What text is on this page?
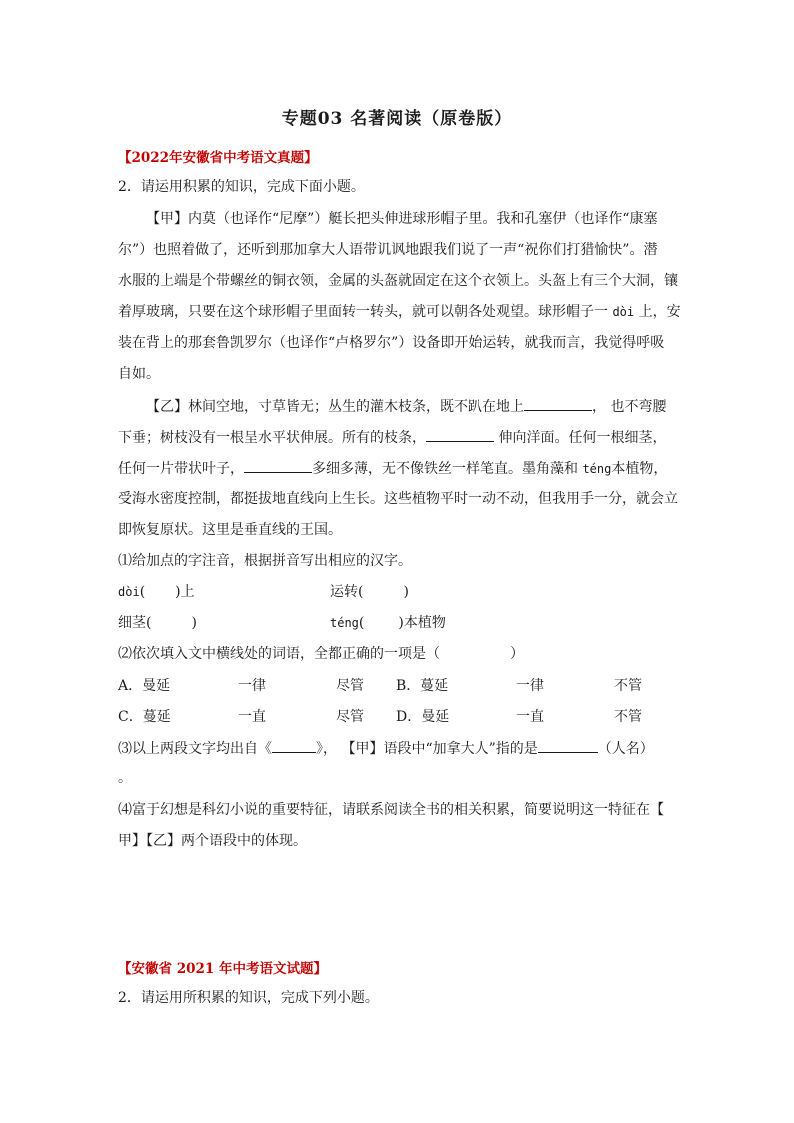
专题03 名著阅读（原卷版）
【2022年安徽省中考语文真题】
2．请运用积累的知识，完成下面小题。
【甲】内莫（也译作“尼摩”）艇长把头伸进球形帽子里。我和孔塞伊（也译作“康塞
尔”）也照着做了，还听到那加拿大人语带讥讽地跟我们说了一声“祝你们打猎愉快”。潜
水服的上端是个带螺丝的铜衣领，金属的头盔就固定在这个衣领上。头盔上有三个大洞，镶
着厚玻璃，只要在这个球形帽子里面转一转头，就可以朝各处观望。球形帽子一 dòi 上，安
装在背上的那套鲁凯罗尔（也译作“卢格罗尔”）设备即开始运转，就我而言，我觉得呼吸
自如。
【乙】林间空地，寸草皆无；丛生的灌木枝条，既不趴在地上	， 也不弯腰
下垂；树枝没有一根呈水平状伸展。所有的枝条，	伸向洋面。任何一根细茎，
任何一片带状叶子，	多细多薄，无不像铁丝一样笔直。墨角藻和 téng本植物，
受海水密度控制，都挺拔地直线向上生长。这些植物平时一动不动，但我用手一分，就会立
即恢复原状。这里是垂直线的王国。
⑴给加点的字注音，根据拼音写出相应的汉字。
dòi( )上	运转(	)
细茎(	)	téng( )本植物
⑵依次填入文中横线处的词语，全都正确的一项是（	）
A．曼延	一律	尽管 B．蔓延	一律	不管
C．蔓延	一直	尽管 D．曼延	一直	不管
⑶以上两段文字均出自《	》， 【甲】语段中“加拿大人”指的是	（人名）
。
⑷富于幻想是科幻小说的重要特征，请联系阅读全书的相关积累，简要说明这一特征在【
甲】【乙】两个语段中的体现。
【安徽省 2021 年中考语文试题】
2．请运用所积累的知识，完成下列小题。
